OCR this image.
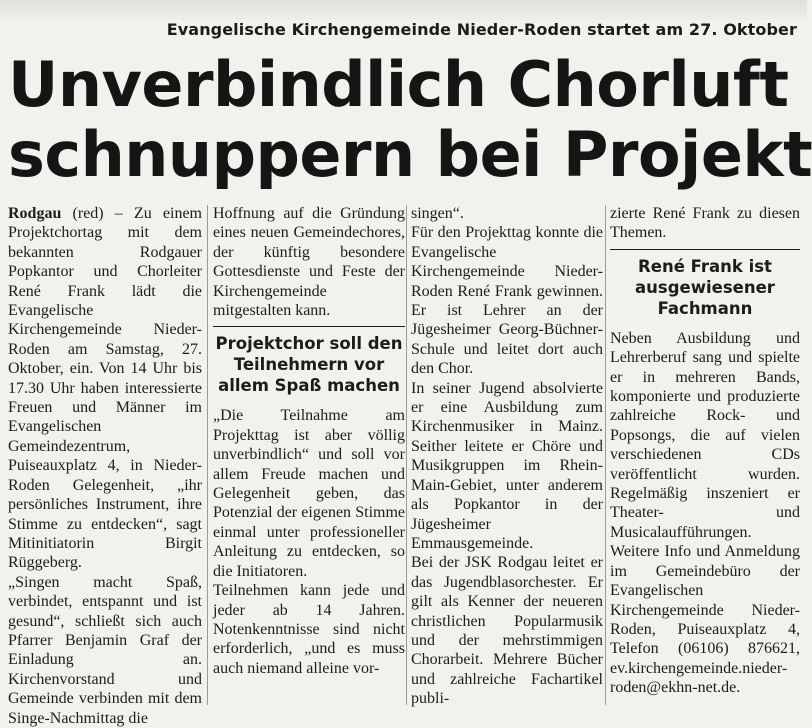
Evangelische Kirchengemeinde Nieder-Roden startet am 27. Oktober
Unverbindlich Chorluft
schnuppern bei Projekt

Rodgau (red) – Zu einem Projektchortag mit dem bekannten Rodgauer Popkantor und Chorleiter René Frank lädt die Evangelische Kirchengemeinde Nieder-Roden am Samstag, 27. Oktober, ein. Von 14 Uhr bis 17.30 Uhr haben interessierte Freuen und Männer im Evangelischen Gemeindezentrum, Puiseauxplatz 4, in Nieder-Roden Gelegenheit, „ihr persönliches Instrument, ihre Stimme zu entdecken“, sagt Mitinitiatorin Birgit Rüggeberg.

„Singen macht Spaß, verbindet, entspannt und ist gesund“, schließt sich auch Pfarrer Benjamin Graf der Einladung an. Kirchenvorstand und Gemeinde verbinden mit dem Singe-Nachmittag die

Hoffnung auf die Gründung eines neuen Gemeindechores, der künftig besondere Gottesdienste und Feste der Kirchengemeinde mitgestalten kann.

Projektchor soll den
Teilnehmern vor
allem Spaß machen

„Die Teilnahme am Projekttag ist aber völlig unverbindlich“ und soll vor allem Freude machen und Gelegenheit geben, das Potenzial der eigenen Stimme einmal unter professioneller Anleitung zu entdecken, so die Initiatoren.

Teilnehmen kann jede und jeder ab 14 Jahren. Notenkenntnisse sind nicht erforderlich, „und es muss auch niemand alleine vor-

singen“.

Für den Projekttag konnte die Evangelische Kirchengemeinde Nieder-Roden René Frank gewinnen. Er ist Lehrer an der Jügesheimer Georg-Büchner-Schule und leitet dort auch den Chor.

In seiner Jugend absolvierte er eine Ausbildung zum Kirchenmusiker in Mainz. Seither leitete er Chöre und Musikgruppen im Rhein-Main-Gebiet, unter anderem als Popkantor in der Jügesheimer Emmausgemeinde.

Bei der JSK Rodgau leitet er das Jugendblasorchester. Er gilt als Kenner der neueren christlichen Popularmusik und der mehrstimmigen Chorarbeit. Mehrere Bücher und zahlreiche Fachartikel publi-

zierte René Frank zu diesen Themen.

René Frank ist
ausgewiesener
Fachmann

Neben Ausbildung und Lehrerberuf sang und spielte er in mehreren Bands, komponierte und produzierte zahlreiche Rock- und Popsongs, die auf vielen verschiedenen CDs veröffentlicht wurden. Regelmäßig inszeniert er Theater- und Musicalaufführungen.

Weitere Info und Anmeldung im Gemeindebüro der Evangelischen Kirchengemeinde Nieder-Roden, Puiseauxplatz 4, Telefon (06106) 876621, ev.kirchengemeinde.nieder-roden@ekhn-net.de.
